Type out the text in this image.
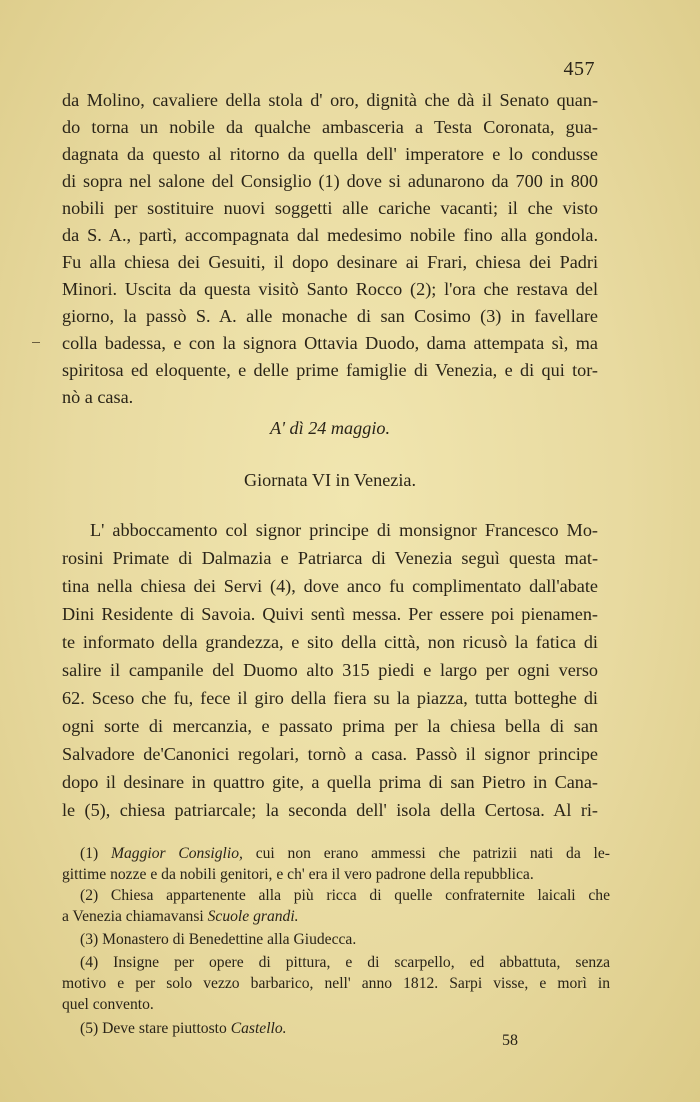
457
da Molino, cavaliere della stola d' oro, dignità che dà il Senato quan-
do torna un nobile da qualche ambasceria a Testa Coronata, gua-
dagnata da questo al ritorno da quella dell' imperatore e lo condusse
di sopra nel salone del Consiglio (1) dove si adunarono da 700 in 800
nobili per sostituire nuovi soggetti alle cariche vacanti; il che visto
da S. A., partì, accompagnata dal medesimo nobile fino alla gondola.
Fu alla chiesa dei Gesuiti, il dopo desinare ai Frari, chiesa dei Padri
Minori. Uscita da questa visitò Santo Rocco (2); l'ora che restava del
giorno, la passò S. A. alle monache di san Cosimo (3) in favellare
colla badessa, e con la signora Ottavia Duodo, dama attempata sì, ma
spiritosa ed eloquente, e delle prime famiglie di Venezia, e di qui tor-
nò a casa.
A' dì 24 maggio.
Giornata VI in Venezia.
L' abboccamento col signor principe di monsignor Francesco Mo-
rosini Primate di Dalmazia e Patriarca di Venezia seguì questa mat-
tina nella chiesa dei Servi (4), dove anco fu complimentato dall'abate
Dini Residente di Savoia. Quivi sentì messa. Per essere poi pienamen-
te informato della grandezza, e sito della città, non ricusò la fatica di
salire il campanile del Duomo alto 315 piedi e largo per ogni verso
62. Sceso che fu, fece il giro della fiera su la piazza, tutta botteghe di
ogni sorte di mercanzia, e passato prima per la chiesa bella di san
Salvadore de'Canonici regolari, tornò a casa. Passò il signor principe
dopo il desinare in quattro gite, a quella prima di san Pietro in Cana-
le (5), chiesa patriarcale; la seconda dell' isola della Certosa. Al ri-
(1) Maggior Consiglio, cui non erano ammessi che patrizii nati da le-
gittime nozze e da nobili genitori, e ch' era il vero padrone della repubblica.
(2) Chiesa appartenente alla più ricca di quelle confraternite laicali che
a Venezia chiamavansi Scuole grandi.
(3) Monastero di Benedettine alla Giudecca.
(4) Insigne per opere di pittura, e di scarpello, ed abbattuta, senza
motivo e per solo vezzo barbarico, nell' anno 1812. Sarpi visse, e morì in
quel convento.
(5) Deve stare piuttosto Castello.
58
